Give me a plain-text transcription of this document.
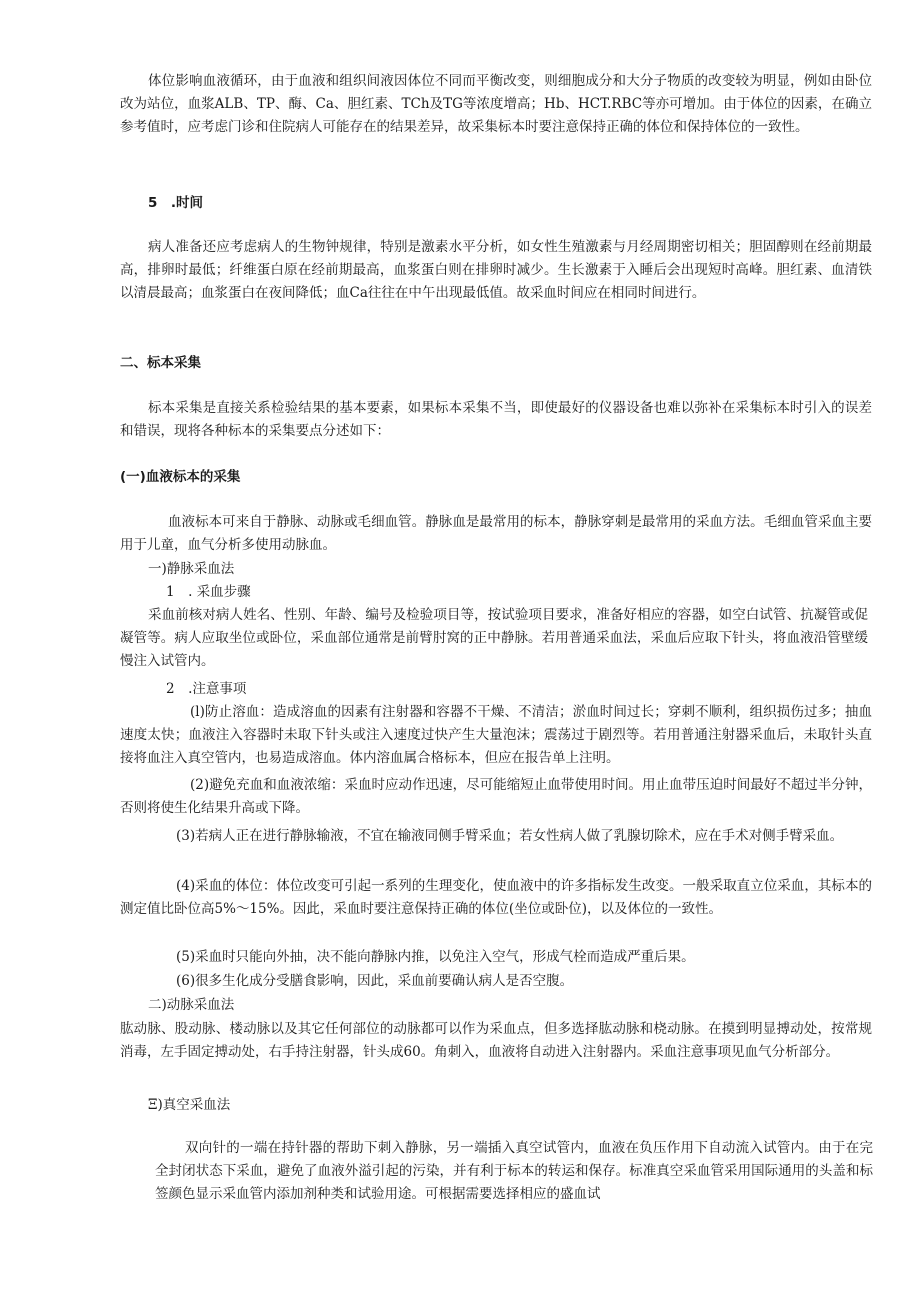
体位影响血液循环，由于血液和组织间液因体位不同而平衡改变，则细胞成分和大分子物质的改变较为明显，例如由卧位改为站位，血浆ALB、TP、酶、Ca、胆红素、TCh及TG等浓度增高；Hb、HCT.RBC等亦可增加。由于体位的因素，在确立参考值时，应考虑门诊和住院病人可能存在的结果差异，故采集标本时要注意保持正确的体位和保持体位的一致性。

5　.时间

病人准备还应考虑病人的生物钟规律，特别是激素水平分析，如女性生殖激素与月经周期密切相关；胆固醇则在经前期最高，排卵时最低；纤维蛋白原在经前期最高，血浆蛋白则在排卵时减少。生长激素于入睡后会出现短时高峰。胆红素、血清铁以清晨最高；血浆蛋白在夜间降低；血Ca往往在中午出现最低值。故采血时间应在相同时间进行。

二、标本采集

标本采集是直接关系检验结果的基本要素，如果标本采集不当，即使最好的仪器设备也难以弥补在采集标本时引入的误差和错误，现将各种标本的采集要点分述如下：

(一)血液标本的采集

血液标本可来自于静脉、动脉或毛细血管。静脉血是最常用的标本，静脉穿刺是最常用的采血方法。毛细血管采血主要用于儿童，血气分析多使用动脉血。

一)静脉采血法

1　. 采血步骤

采血前核对病人姓名、性别、年龄、编号及检验项目等，按试验项目要求，准备好相应的容器，如空白试管、抗凝管或促凝管等。病人应取坐位或卧位，采血部位通常是前臂肘窝的正中静脉。若用普通采血法，采血后应取下针头，将血液沿管壁缓慢注入试管内。

2　.注意事项

(l)防止溶血：造成溶血的因素有注射器和容器不干燥、不清洁；淤血时间过长；穿刺不顺利，组织损伤过多；抽血速度太快；血液注入容器时未取下针头或注入速度过快产生大量泡沫；震荡过于剧烈等。若用普通注射器采血后，未取针头直接将血注入真空管内，也易造成溶血。体内溶血属合格标本，但应在报告单上注明。

(2)避免充血和血液浓缩：采血时应动作迅速，尽可能缩短止血带使用时间。用止血带压迫时间最好不超过半分钟，否则将使生化结果升高或下降。

(3)若病人正在进行静脉输液，不宜在输液同侧手臂采血；若女性病人做了乳腺切除术，应在手术对侧手臂采血。

(4)采血的体位：体位改变可引起一系列的生理变化，使血液中的许多指标发生改变。一般采取直立位采血，其标本的测定值比卧位高5%～15%。因此，采血时要注意保持正确的体位(坐位或卧位)，以及体位的一致性。

(5)采血时只能向外抽，决不能向静脉内推，以免注入空气，形成气栓而造成严重后果。

(6)很多生化成分受膳食影响，因此，采血前要确认病人是否空腹。

二)动脉采血法

肱动脉、股动脉、楼动脉以及其它任何部位的动脉都可以作为采血点，但多选择肱动脉和桡动脉。在摸到明显搏动处，按常规消毒，左手固定搏动处，右手持注射器，针头成60。角刺入，血液将自动进入注射器内。采血注意事项见血气分析部分。

Ξ)真空采血法

双向针的一端在持针器的帮助下刺入静脉，另一端插入真空试管内，血液在负压作用下自动流入试管内。由于在完全封闭状态下采血，避免了血液外溢引起的污染，并有利于标本的转运和保存。标准真空采血管采用国际通用的头盖和标签颜色显示采血管内添加剂种类和试验用途。可根据需要选择相应的盛血试
